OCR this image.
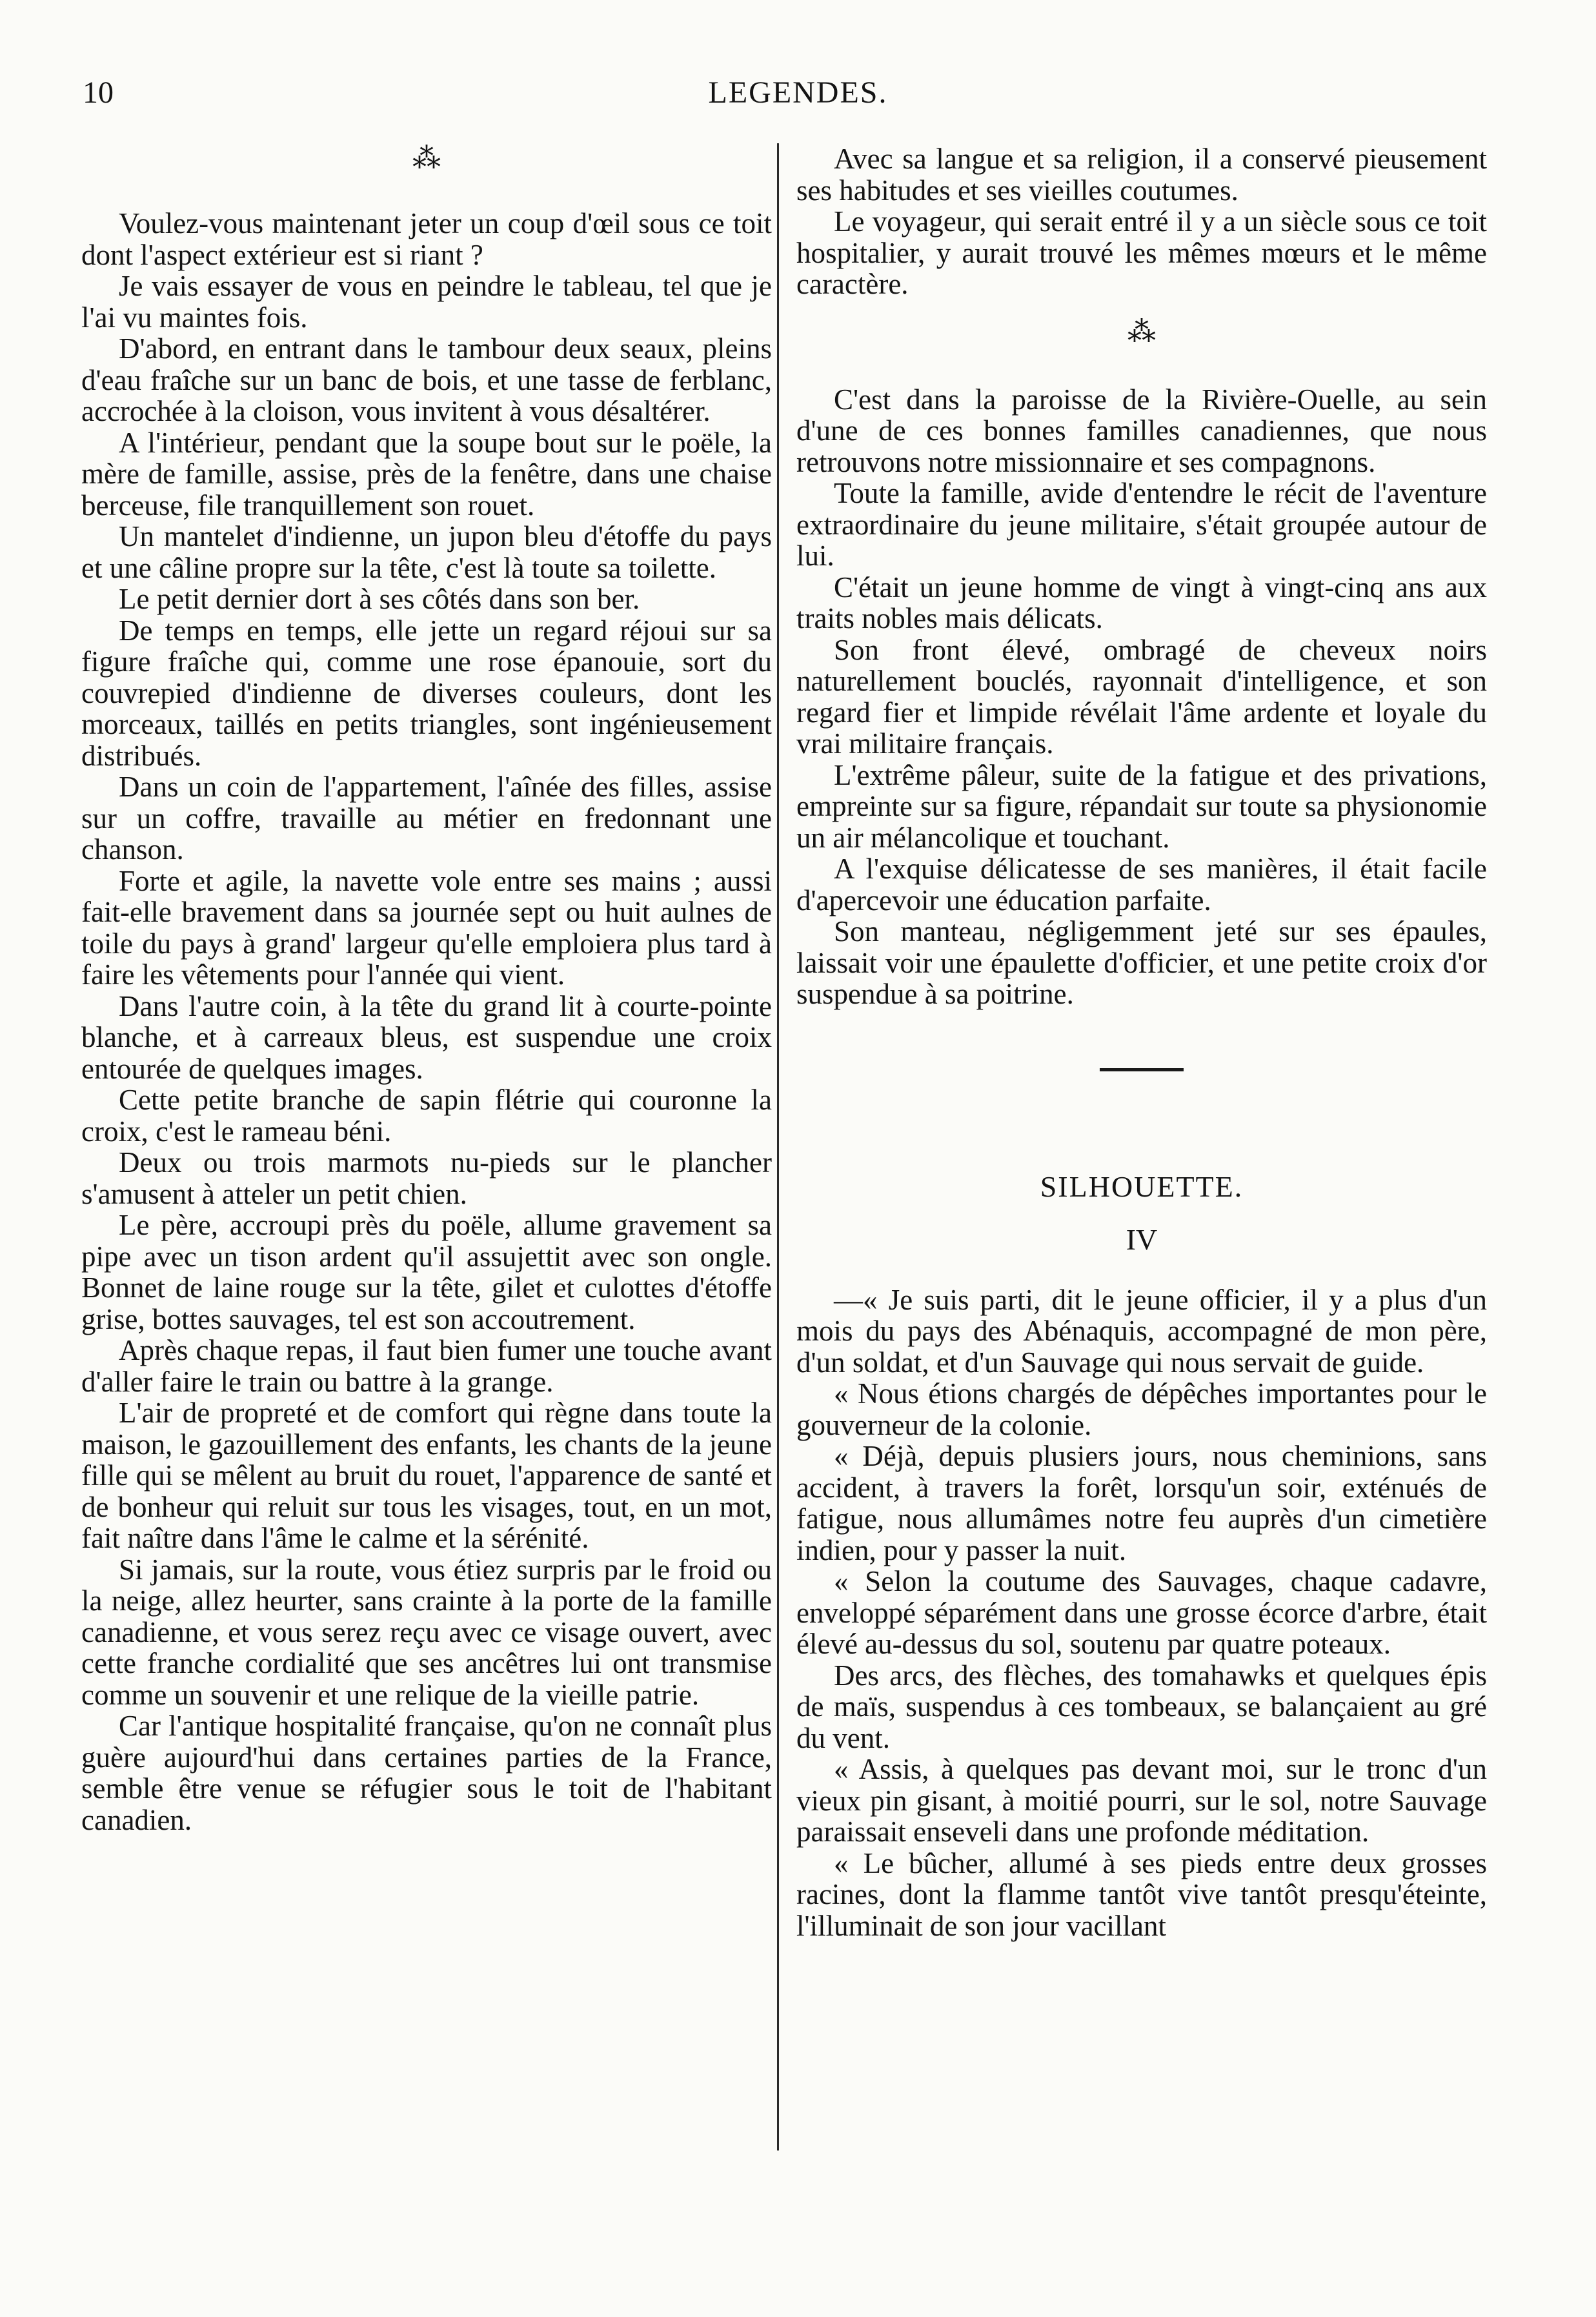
10	LEGENDES.
⁂

Voulez-vous maintenant jeter un coup d'œil sous ce toit dont l'aspect extérieur est si riant ?

Je vais essayer de vous en peindre le tableau, tel que je l'ai vu maintes fois.

D'abord, en entrant dans le tambour deux seaux, pleins d'eau fraîche sur un banc de bois, et une tasse de ferblanc, accrochée à la cloison, vous invitent à vous désaltérer.

A l'intérieur, pendant que la soupe bout sur le poële, la mère de famille, assise, près de la fenêtre, dans une chaise berceuse, file tranquillement son rouet.

Un mantelet d'indienne, un jupon bleu d'étoffe du pays et une câline propre sur la tête, c'est là toute sa toilette.

Le petit dernier dort à ses côtés dans son ber.

De temps en temps, elle jette un regard réjoui sur sa figure fraîche qui, comme une rose épanouie, sort du couvrepied d'indienne de diverses couleurs, dont les morceaux, taillés en petits triangles, sont ingénieusement distribués.

Dans un coin de l'appartement, l'aînée des filles, assise sur un coffre, travaille au métier en fredonnant une chanson.

Forte et agile, la navette vole entre ses mains ; aussi fait-elle bravement dans sa journée sept ou huit aulnes de toile du pays à grand' largeur qu'elle emploiera plus tard à faire les vêtements pour l'année qui vient.

Dans l'autre coin, à la tête du grand lit à courte-pointe blanche, et à carreaux bleus, est suspendue une croix entourée de quelques images.

Cette petite branche de sapin flétrie qui couronne la croix, c'est le rameau béni.

Deux ou trois marmots nu-pieds sur le plancher s'amusent à atteler un petit chien.

Le père, accroupi près du poële, allume gravement sa pipe avec un tison ardent qu'il assujettit avec son ongle. Bonnet de laine rouge sur la tête, gilet et culottes d'étoffe grise, bottes sauvages, tel est son accoutrement.

Après chaque repas, il faut bien fumer une touche avant d'aller faire le train ou battre à la grange.

L'air de propreté et de comfort qui règne dans toute la maison, le gazouillement des enfants, les chants de la jeune fille qui se mêlent au bruit du rouet, l'apparence de santé et de bonheur qui reluit sur tous les visages, tout, en un mot, fait naître dans l'âme le calme et la sérénité.

Si jamais, sur la route, vous étiez surpris par le froid ou la neige, allez heurter, sans crainte à la porte de la famille canadienne, et vous serez reçu avec ce visage ouvert, avec cette franche cordialité que ses ancêtres lui ont transmise comme un souvenir et une relique de la vieille patrie.

Car l'antique hospitalité française, qu'on ne connaît plus guère aujourd'hui dans certaines parties de la France, semble être venue se réfugier sous le toit de l'habitant canadien.

Avec sa langue et sa religion, il a conservé pieusement ses habitudes et ses vieilles coutumes.

Le voyageur, qui serait entré il y a un siècle sous ce toit hospitalier, y aurait trouvé les mêmes mœurs et le même caractère.

⁂

C'est dans la paroisse de la Rivière-Ouelle, au sein d'une de ces bonnes familles canadiennes, que nous retrouvons notre missionnaire et ses compagnons.

Toute la famille, avide d'entendre le récit de l'aventure extraordinaire du jeune militaire, s'était groupée autour de lui.

C'était un jeune homme de vingt à vingt-cinq ans aux traits nobles mais délicats.

Son front élevé, ombragé de cheveux noirs naturellement bouclés, rayonnait d'intelligence, et son regard fier et limpide révélait l'âme ardente et loyale du vrai militaire français.

L'extrême pâleur, suite de la fatigue et des privations, empreinte sur sa figure, répandait sur toute sa physionomie un air mélancolique et touchant.

A l'exquise délicatesse de ses manières, il était facile d'apercevoir une éducation parfaite.

Son manteau, négligemment jeté sur ses épaules, laissait voir une épaulette d'officier, et une petite croix d'or suspendue à sa poitrine.

SILHOUETTE.

IV

—« Je suis parti, dit le jeune officier, il y a plus d'un mois du pays des Abénaquis, accompagné de mon père, d'un soldat, et d'un Sauvage qui nous servait de guide.

« Nous étions chargés de dépêches importantes pour le gouverneur de la colonie.

« Déjà, depuis plusiers jours, nous cheminions, sans accident, à travers la forêt, lorsqu'un soir, exténués de fatigue, nous allumâmes notre feu auprès d'un cimetière indien, pour y passer la nuit.

« Selon la coutume des Sauvages, chaque cadavre, enveloppé séparément dans une grosse écorce d'arbre, était élevé au-dessus du sol, soutenu par quatre poteaux.

Des arcs, des flèches, des tomahawks et quelques épis de maïs, suspendus à ces tombeaux, se balançaient au gré du vent.

« Assis, à quelques pas devant moi, sur le tronc d'un vieux pin gisant, à moitié pourri, sur le sol, notre Sauvage paraissait enseveli dans une profonde méditation.

« Le bûcher, allumé à ses pieds entre deux grosses racines, dont la flamme tantôt vive tantôt presqu'éteinte, l'illuminait de son jour vacillant
